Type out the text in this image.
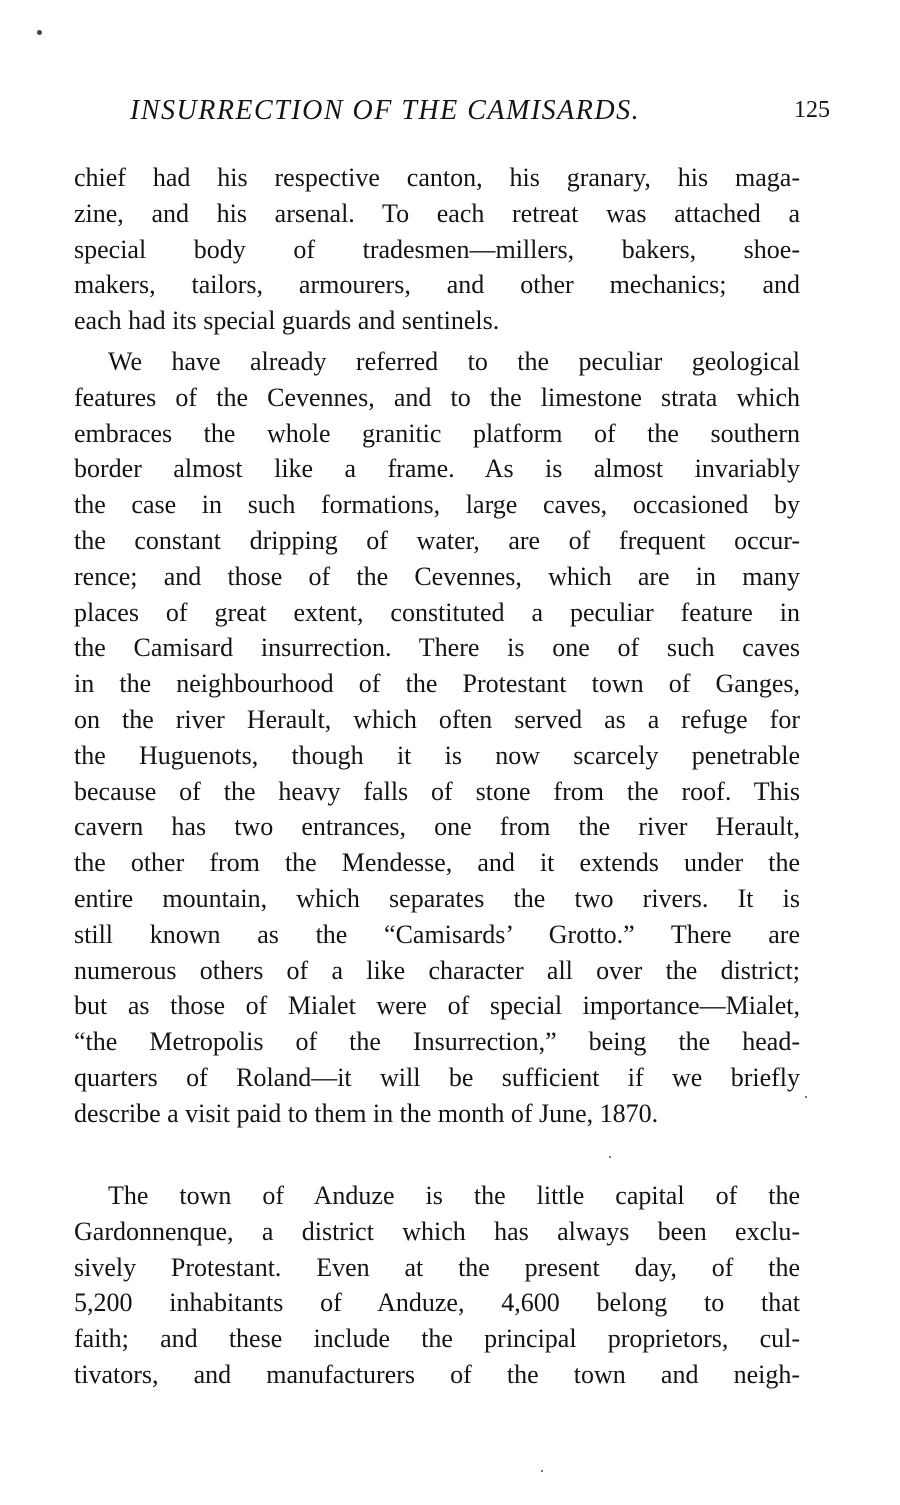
INSURRECTION OF THE CAMISARDS.	125
chief had his respective canton, his granary, his maga-
zine, and his arsenal. To each retreat was attached a
special body of tradesmen—millers, bakers, shoe-
makers, tailors, armourers, and other mechanics; and
each had its special guards and sentinels.
We have already referred to the peculiar geological
features of the Cevennes, and to the limestone strata which
embraces the whole granitic platform of the southern
border almost like a frame. As is almost invariably
the case in such formations, large caves, occasioned by
the constant dripping of water, are of frequent occur-
rence; and those of the Cevennes, which are in many
places of great extent, constituted a peculiar feature in
the Camisard insurrection. There is one of such caves
in the neighbourhood of the Protestant town of Ganges,
on the river Herault, which often served as a refuge for
the Huguenots, though it is now scarcely penetrable
because of the heavy falls of stone from the roof. This
cavern has two entrances, one from the river Herault,
the other from the Mendesse, and it extends under the
entire mountain, which separates the two rivers. It is
still known as the “Camisards’ Grotto.” There are
numerous others of a like character all over the district;
but as those of Mialet were of special importance—Mialet,
“the Metropolis of the Insurrection,” being the head-
quarters of Roland—it will be sufficient if we briefly
describe a visit paid to them in the month of June, 1870.
The town of Anduze is the little capital of the
Gardonnenque, a district which has always been exclu-
sively Protestant. Even at the present day, of the
5,200 inhabitants of Anduze, 4,600 belong to that
faith; and these include the principal proprietors, cul-
tivators, and manufacturers of the town and neigh-
